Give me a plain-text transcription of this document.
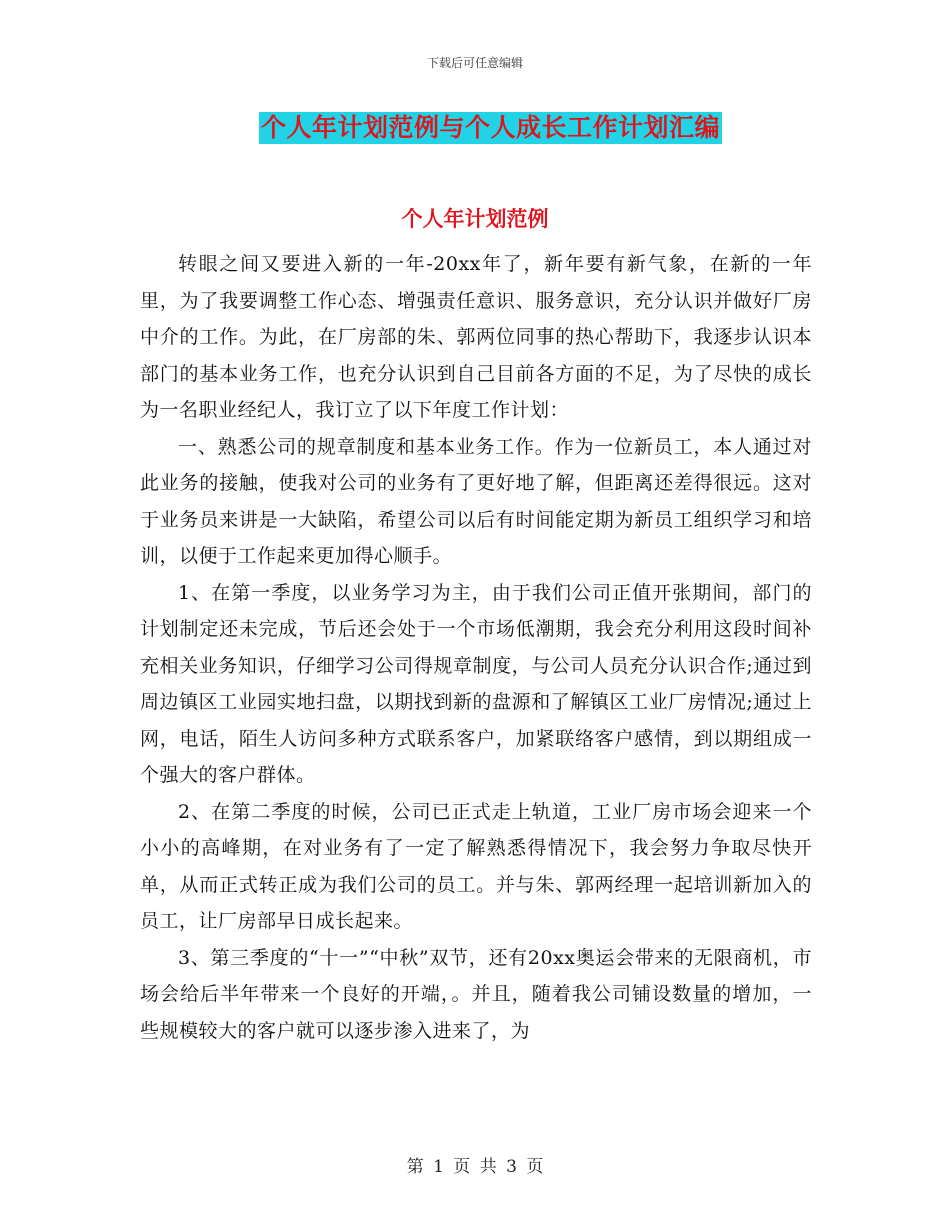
下载后可任意编辑
个人年计划范例与个人成长工作计划汇编
个人年计划范例

转眼之间又要进入新的一年-20xx年了，新年要有新气象，在新的一年里，为了我要调整工作心态、增强责任意识、服务意识，充分认识并做好厂房中介的工作。为此，在厂房部的朱、郭两位同事的热心帮助下，我逐步认识本部门的基本业务工作，也充分认识到自己目前各方面的不足，为了尽快的成长为一名职业经纪人，我订立了以下年度工作计划：

一、熟悉公司的规章制度和基本业务工作。作为一位新员工，本人通过对此业务的接触，使我对公司的业务有了更好地了解，但距离还差得很远。这对于业务员来讲是一大缺陷，希望公司以后有时间能定期为新员工组织学习和培训，以便于工作起来更加得心顺手。

1、在第一季度，以业务学习为主，由于我们公司正值开张期间，部门的计划制定还未完成，节后还会处于一个市场低潮期，我会充分利用这段时间补充相关业务知识，仔细学习公司得规章制度，与公司人员充分认识合作;通过到周边镇区工业园实地扫盘，以期找到新的盘源和了解镇区工业厂房情况;通过上网，电话，陌生人访问多种方式联系客户，加紧联络客户感情，到以期组成一个强大的客户群体。

2、在第二季度的时候，公司已正式走上轨道，工业厂房市场会迎来一个小小的高峰期，在对业务有了一定了解熟悉得情况下，我会努力争取尽快开单，从而正式转正成为我们公司的员工。并与朱、郭两经理一起培训新加入的员工，让厂房部早日成长起来。

3、第三季度的“十一”“中秋”双节，还有20xx奥运会带来的无限商机，市场会给后半年带来一个良好的开端，。并且，随着我公司铺设数量的增加，一些规模较大的客户就可以逐步渗入进来了，为

第 1 页 共 3 页
